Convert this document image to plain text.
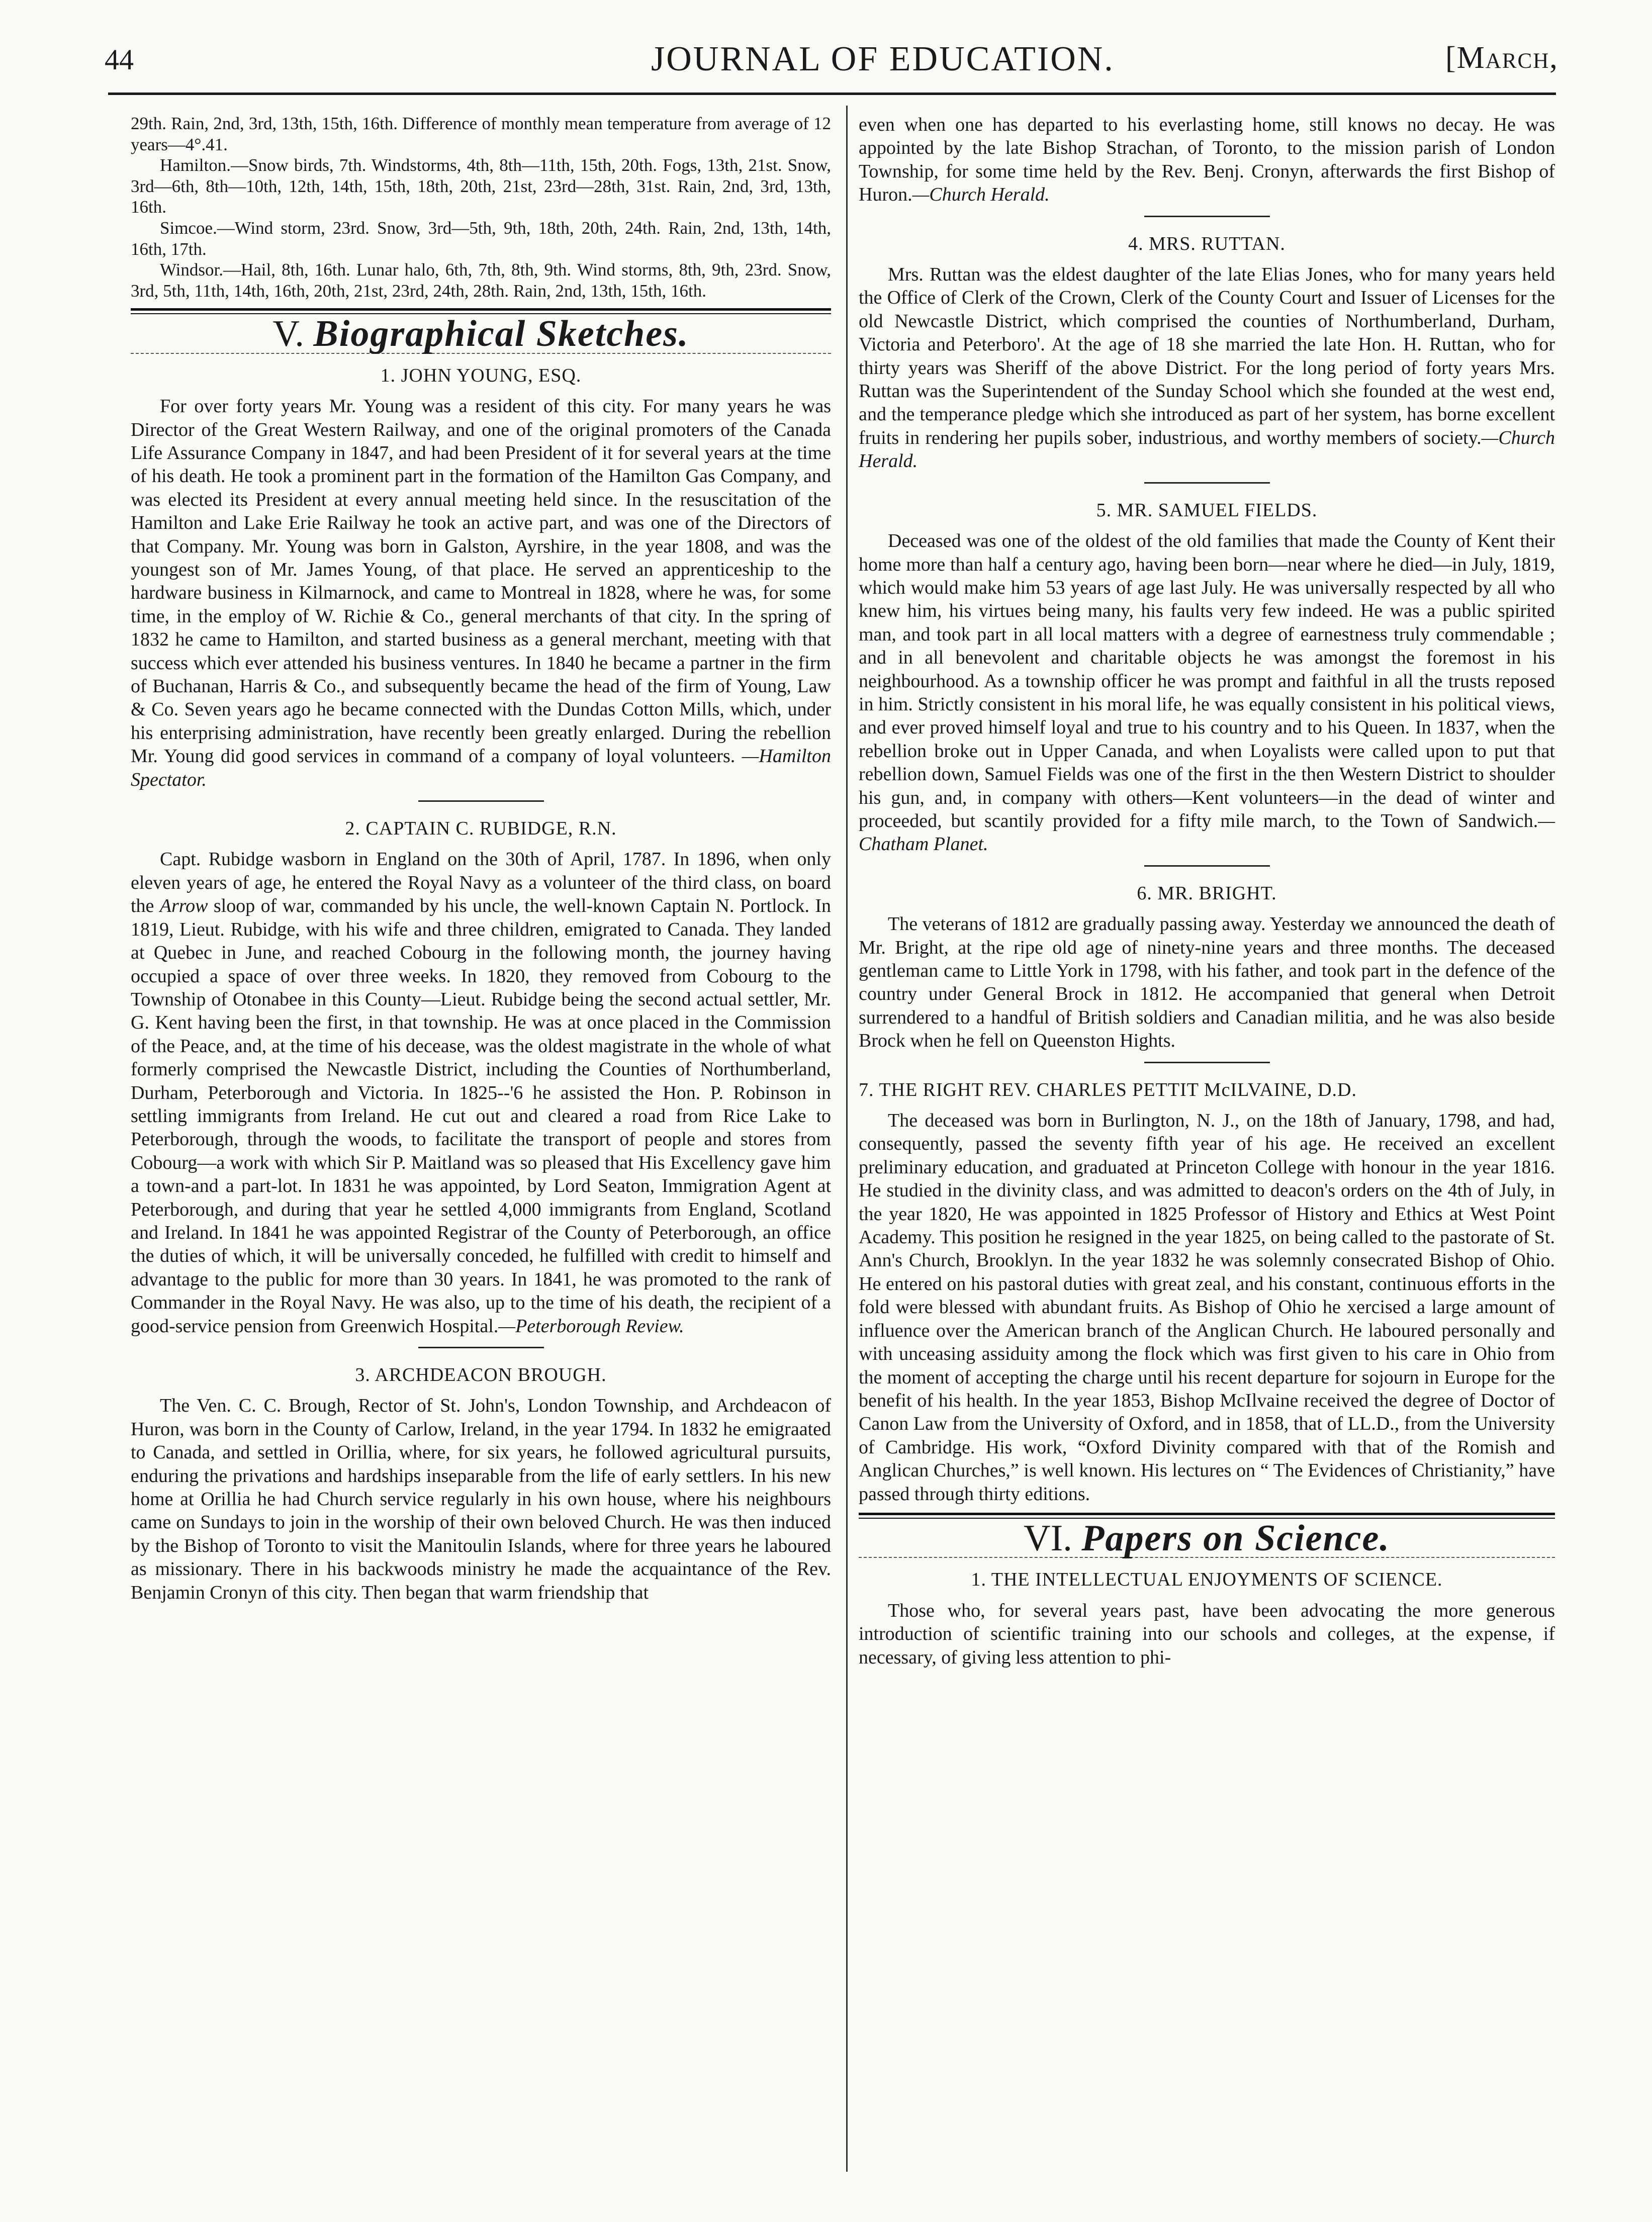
44	JOURNAL OF EDUCATION.	[March,

29th. Rain, 2nd, 3rd, 13th, 15th, 16th. Difference of monthly mean temperature from average of 12 years—4°.41.

Hamilton.—Snow birds, 7th. Windstorms, 4th, 8th—11th, 15th, 20th. Fogs, 13th, 21st. Snow, 3rd—6th, 8th—10th, 12th, 14th, 15th, 18th, 20th, 21st, 23rd—28th, 31st. Rain, 2nd, 3rd, 13th, 16th.

Simcoe.—Wind storm, 23rd. Snow, 3rd—5th, 9th, 18th, 20th, 24th. Rain, 2nd, 13th, 14th, 16th, 17th.

Windsor.—Hail, 8th, 16th. Lunar halo, 6th, 7th, 8th, 9th. Wind storms, 8th, 9th, 23rd. Snow, 3rd, 5th, 11th, 14th, 16th, 20th, 21st, 23rd, 24th, 28th. Rain, 2nd, 13th, 15th, 16th.

V. Biographical Sketches.
1. JOHN YOUNG, ESQ.

For over forty years Mr. Young was a resident of this city. For many years he was Director of the Great Western Railway, and one of the original promoters of the Canada Life Assurance Company in 1847, and had been President of it for several years at the time of his death. He took a prominent part in the formation of the Hamilton Gas Company, and was elected its President at every annual meeting held since. In the resuscitation of the Hamilton and Lake Erie Railway he took an active part, and was one of the Directors of that Company. Mr. Young was born in Galston, Ayrshire, in the year 1808, and was the youngest son of Mr. James Young, of that place. He served an apprenticeship to the hardware business in Kilmarnock, and came to Montreal in 1828, where he was, for some time, in the employ of W. Richie & Co., general merchants of that city. In the spring of 1832 he came to Hamilton, and started business as a general merchant, meeting with that success which ever attended his business ventures. In 1840 he became a partner in the firm of Buchanan, Harris & Co., and subsequently became the head of the firm of Young, Law & Co. Seven years ago he became connected with the Dundas Cotton Mills, which, under his enterprising administration, have recently been greatly enlarged. During the rebellion Mr. Young did good services in command of a company of loyal volunteers. —Hamilton Spectator.

2. CAPTAIN C. RUBIDGE, R.N.

Capt. Rubidge wasborn in England on the 30th of April, 1787. In 1896, when only eleven years of age, he entered the Royal Navy as a volunteer of the third class, on board the Arrow sloop of war, commanded by his uncle, the well-known Captain N. Portlock. In 1819, Lieut. Rubidge, with his wife and three children, emigrated to Canada. They landed at Quebec in June, and reached Cobourg in the following month, the journey having occupied a space of over three weeks. In 1820, they removed from Cobourg to the Township of Otonabee in this County—Lieut. Rubidge being the second actual settler, Mr. G. Kent having been the first, in that township. He was at once placed in the Commission of the Peace, and, at the time of his decease, was the oldest magistrate in the whole of what formerly comprised the Newcastle District, including the Counties of Northumberland, Durham, Peterborough and Victoria. In 1825--'6 he assisted the Hon. P. Robinson in settling immigrants from Ireland. He cut out and cleared a road from Rice Lake to Peterborough, through the woods, to facilitate the transport of people and stores from Cobourg—a work with which Sir P. Maitland was so pleased that His Excellency gave him a town-and a part-lot. In 1831 he was appointed, by Lord Seaton, Immigration Agent at Peterborough, and during that year he settled 4,000 immigrants from England, Scotland and Ireland. In 1841 he was appointed Registrar of the County of Peterborough, an office the duties of which, it will be universally conceded, he fulfilled with credit to himself and advantage to the public for more than 30 years. In 1841, he was promoted to the rank of Commander in the Royal Navy. He was also, up to the time of his death, the recipient of a good-service pension from Greenwich Hospital.—Peterborough Review.

3. ARCHDEACON BROUGH.

The Ven. C. C. Brough, Rector of St. John's, London Township, and Archdeacon of Huron, was born in the County of Carlow, Ireland, in the year 1794. In 1832 he emigraated to Canada, and settled in Orillia, where, for six years, he followed agricultural pursuits, enduring the privations and hardships inseparable from the life of early settlers. In his new home at Orillia he had Church service regularly in his own house, where his neighbours came on Sundays to join in the worship of their own beloved Church. He was then induced by the Bishop of Toronto to visit the Manitoulin Islands, where for three years he laboured as missionary. There in his backwoods ministry he made the acquaintance of the Rev. Benjamin Cronyn of this city. Then began that warm friendship that

even when one has departed to his everlasting home, still knows no decay. He was appointed by the late Bishop Strachan, of Toronto, to the mission parish of London Township, for some time held by the Rev. Benj. Cronyn, afterwards the first Bishop of Huron.—Church Herald.

4. MRS. RUTTAN.

Mrs. Ruttan was the eldest daughter of the late Elias Jones, who for many years held the Office of Clerk of the Crown, Clerk of the County Court and Issuer of Licenses for the old Newcastle District, which comprised the counties of Northumberland, Durham, Victoria and Peterboro'. At the age of 18 she married the late Hon. H. Ruttan, who for thirty years was Sheriff of the above District. For the long period of forty years Mrs. Ruttan was the Superintendent of the Sunday School which she founded at the west end, and the temperance pledge which she introduced as part of her system, has borne excellent fruits in rendering her pupils sober, industrious, and worthy members of society.—Church Herald.

5. MR. SAMUEL FIELDS.

Deceased was one of the oldest of the old families that made the County of Kent their home more than half a century ago, having been born—near where he died—in July, 1819, which would make him 53 years of age last July. He was universally respected by all who knew him, his virtues being many, his faults very few indeed. He was a public spirited man, and took part in all local matters with a degree of earnestness truly commendable ; and in all benevolent and charitable objects he was amongst the foremost in his neighbourhood. As a township officer he was prompt and faithful in all the trusts reposed in him. Strictly consistent in his moral life, he was equally consistent in his political views, and ever proved himself loyal and true to his country and to his Queen. In 1837, when the rebellion broke out in Upper Canada, and when Loyalists were called upon to put that rebellion down, Samuel Fields was one of the first in the then Western District to shoulder his gun, and, in company with others—Kent volunteers—in the dead of winter and proceeded, but scantily provided for a fifty mile march, to the Town of Sandwich.—Chatham Planet.

6. MR. BRIGHT.

The veterans of 1812 are gradually passing away. Yesterday we announced the death of Mr. Bright, at the ripe old age of ninety-nine years and three months. The deceased gentleman came to Little York in 1798, with his father, and took part in the defence of the country under General Brock in 1812. He accompanied that general when Detroit surrendered to a handful of British soldiers and Canadian militia, and he was also beside Brock when he fell on Queenston Hights.

7. THE RIGHT REV. CHARLES PETTIT McILVAINE, D.D.

The deceased was born in Burlington, N. J., on the 18th of January, 1798, and had, consequently, passed the seventy fifth year of his age. He received an excellent preliminary education, and graduated at Princeton College with honour in the year 1816. He studied in the divinity class, and was admitted to deacon's orders on the 4th of July, in the year 1820, He was appointed in 1825 Professor of History and Ethics at West Point Academy. This position he resigned in the year 1825, on being called to the pastorate of St. Ann's Church, Brooklyn. In the year 1832 he was solemnly consecrated Bishop of Ohio. He entered on his pastoral duties with great zeal, and his constant, continuous efforts in the fold were blessed with abundant fruits. As Bishop of Ohio he xercised a large amount of influence over the American branch of the Anglican Church. He laboured personally and with unceasing assiduity among the flock which was first given to his care in Ohio from the moment of accepting the charge until his recent departure for sojourn in Europe for the benefit of his health. In the year 1853, Bishop McIlvaine received the degree of Doctor of Canon Law from the University of Oxford, and in 1858, that of LL.D., from the University of Cambridge. His work, “Oxford Divinity compared with that of the Romish and Anglican Churches,” is well known. His lectures on “ The Evidences of Christianity,” have passed through thirty editions.

VI. Papers on Science.
1. THE INTELLECTUAL ENJOYMENTS OF SCIENCE.

Those who, for several years past, have been advocating the more generous introduction of scientific training into our schools and colleges, at the expense, if necessary, of giving less attention to phi-
